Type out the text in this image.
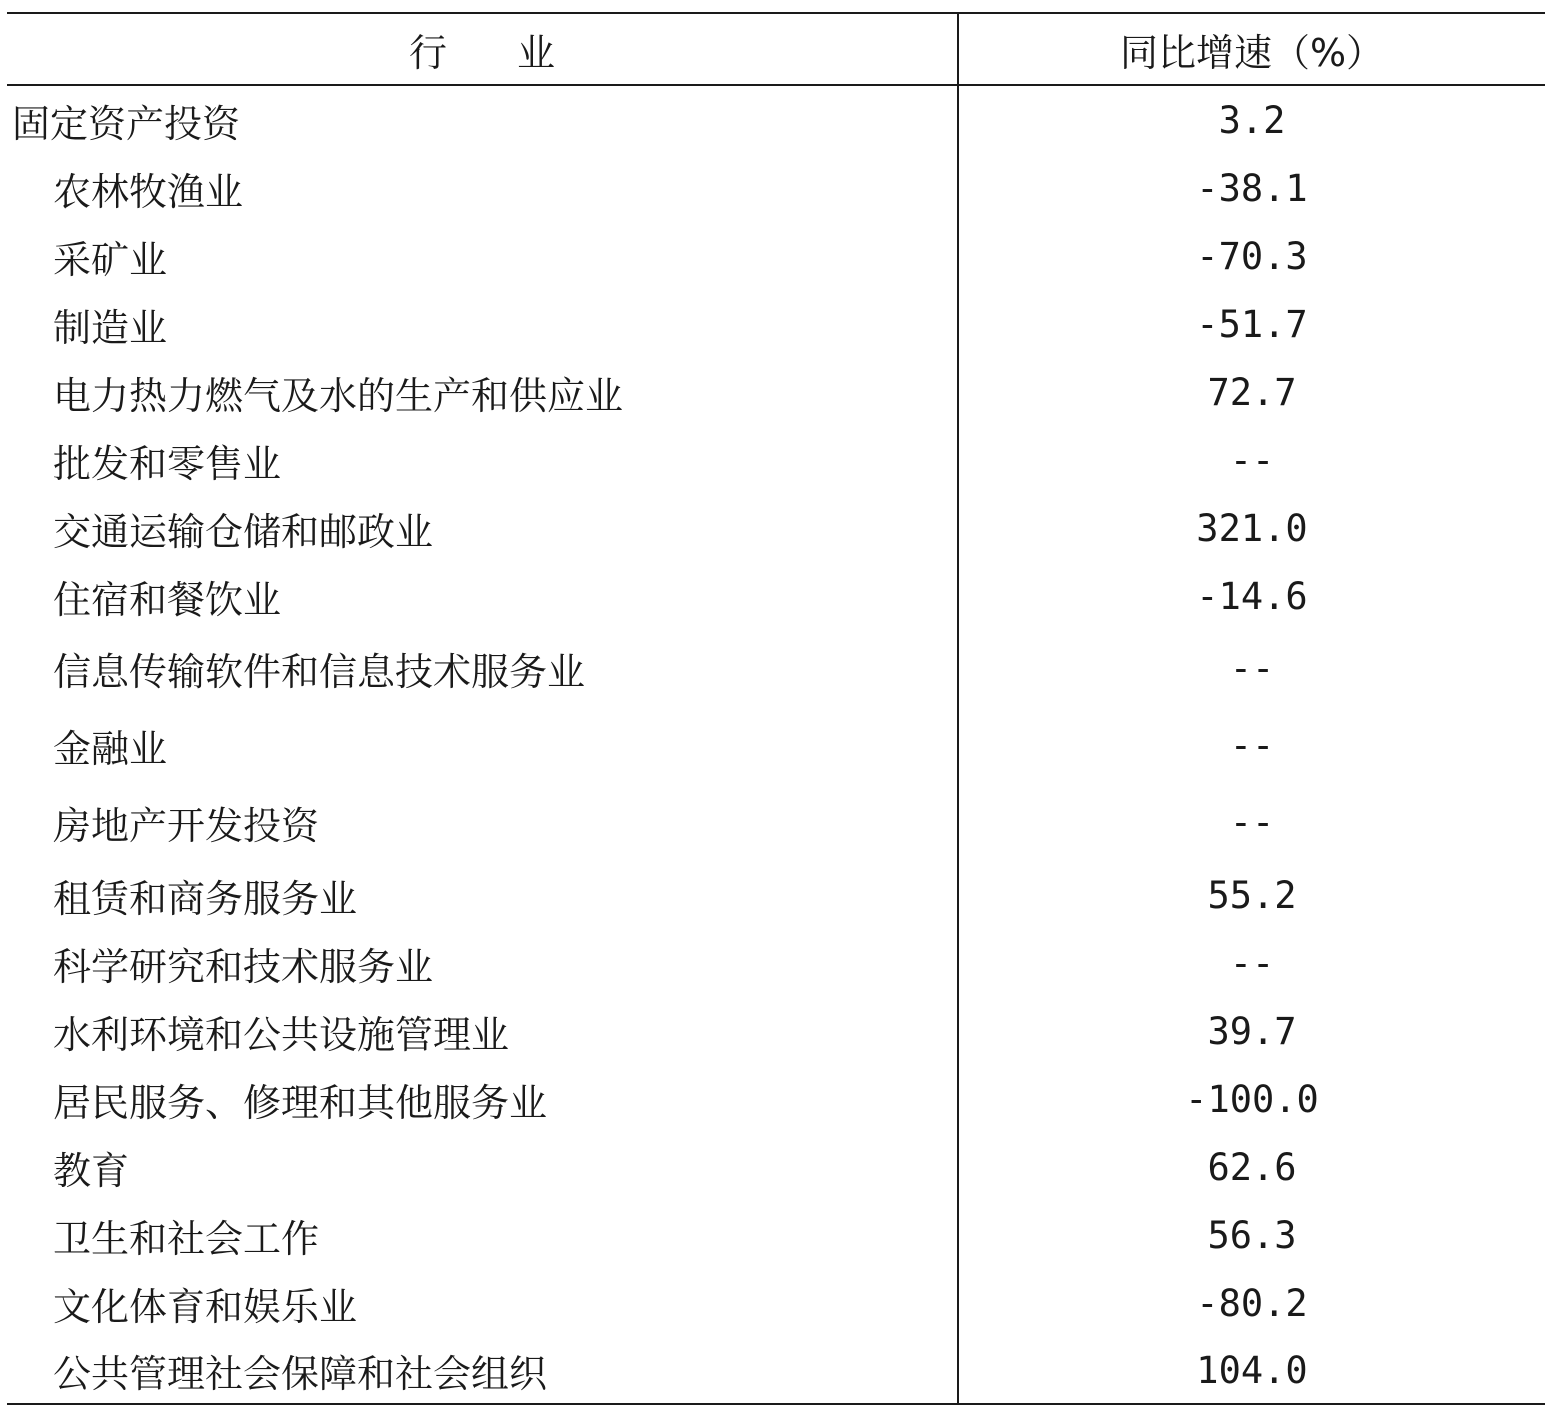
行业	同比增速（%）
固定资产投资	3.2
农林牧渔业	-38.1
采矿业	-70.3
制造业	-51.7
电力热力燃气及水的生产和供应业	72.7
批发和零售业	--
交通运输仓储和邮政业	321.0
住宿和餐饮业	-14.6
信息传输软件和信息技术服务业	--
金融业	--
房地产开发投资	--
租赁和商务服务业	55.2
科学研究和技术服务业	--
水利环境和公共设施管理业	39.7
居民服务、修理和其他服务业	-100.0
教育	62.6
卫生和社会工作	56.3
文化体育和娱乐业	-80.2
公共管理社会保障和社会组织	104.0
